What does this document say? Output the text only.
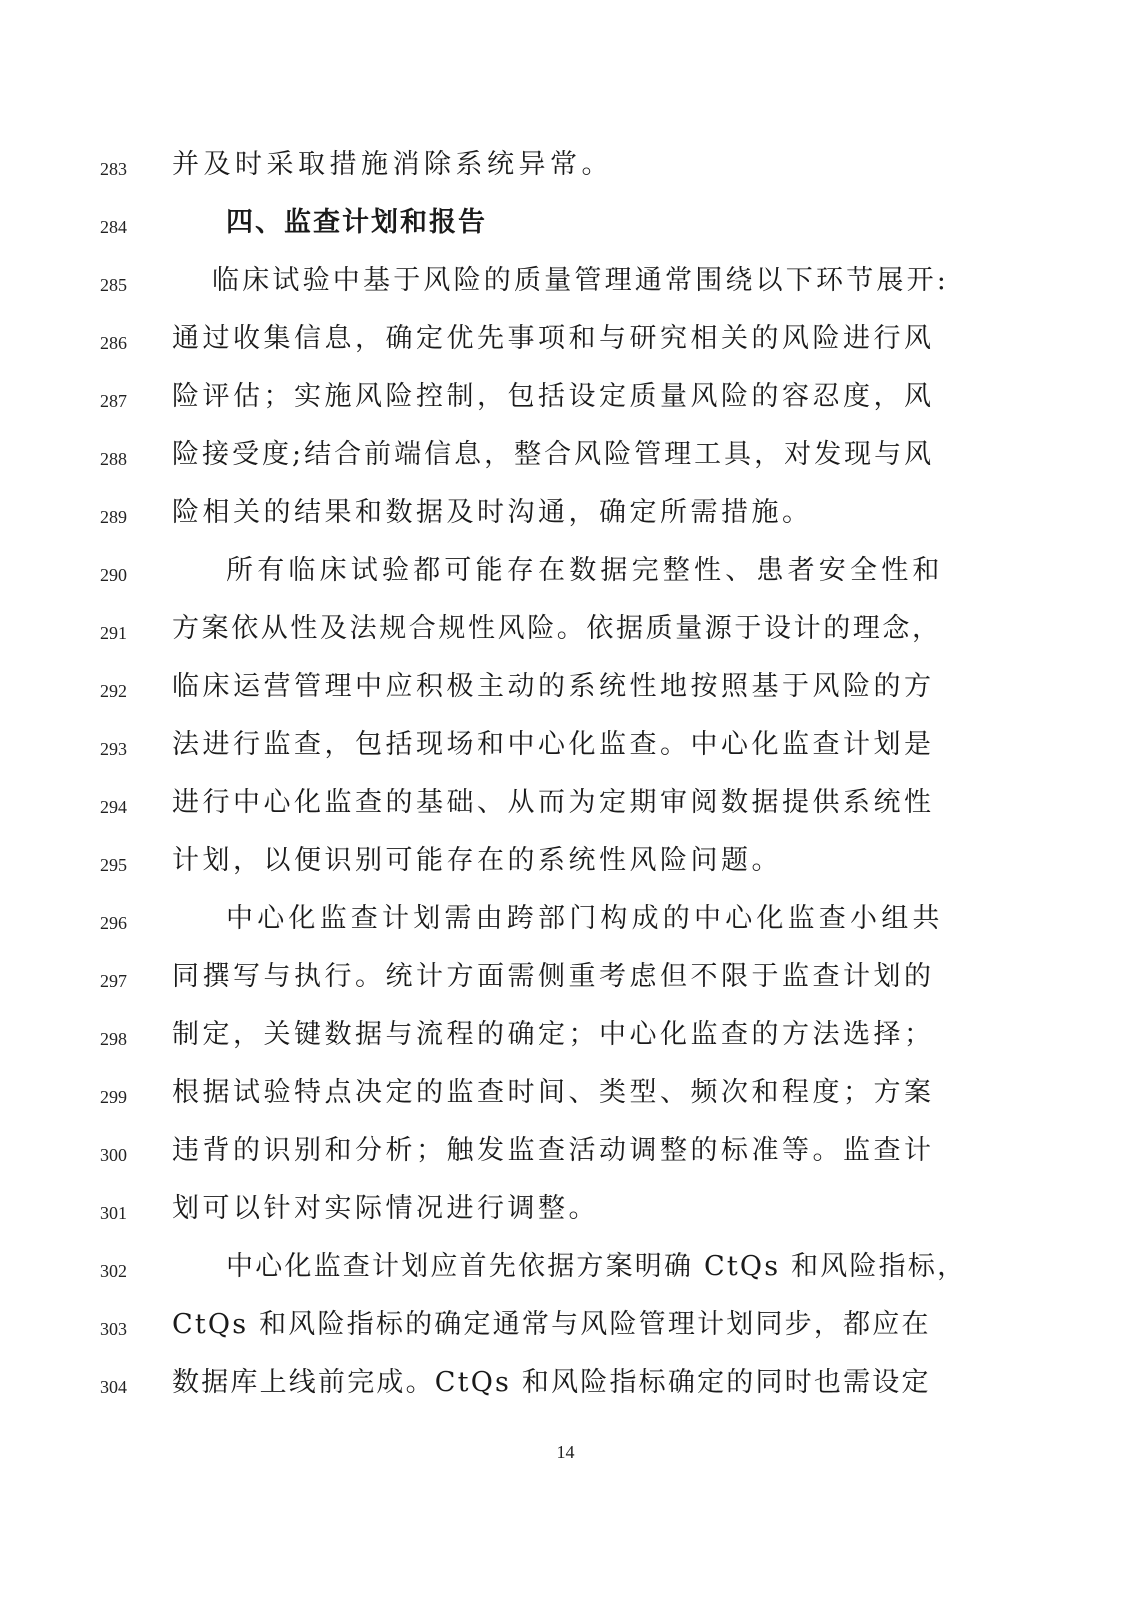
283	并及时采取措施消除系统异常。
284	四、监查计划和报告
285	临床试验中基于风险的质量管理通常围绕以下环节展开:
286	通过收集信息，确定优先事项和与研究相关的风险进行风
287	险评估；实施风险控制，包括设定质量风险的容忍度，风
288	险接受度;结合前端信息，整合风险管理工具，对发现与风
289	险相关的结果和数据及时沟通，确定所需措施。
290	所有临床试验都可能存在数据完整性、患者安全性和
291	方案依从性及法规合规性风险。依据质量源于设计的理念，
292	临床运营管理中应积极主动的系统性地按照基于风险的方
293	法进行监查，包括现场和中心化监查。中心化监查计划是
294	进行中心化监查的基础、从而为定期审阅数据提供系统性
295	计划，以便识别可能存在的系统性风险问题。
296	中心化监查计划需由跨部门构成的中心化监查小组共
297	同撰写与执行。统计方面需侧重考虑但不限于监查计划的
298	制定，关键数据与流程的确定；中心化监查的方法选择；
299	根据试验特点决定的监查时间、类型、频次和程度；方案
300	违背的识别和分析；触发监查活动调整的标准等。监查计
301	划可以针对实际情况进行调整。
302	中心化监查计划应首先依据方案明确 CtQs 和风险指标，
303	CtQs 和风险指标的确定通常与风险管理计划同步，都应在
304	数据库上线前完成。CtQs 和风险指标确定的同时也需设定
14
